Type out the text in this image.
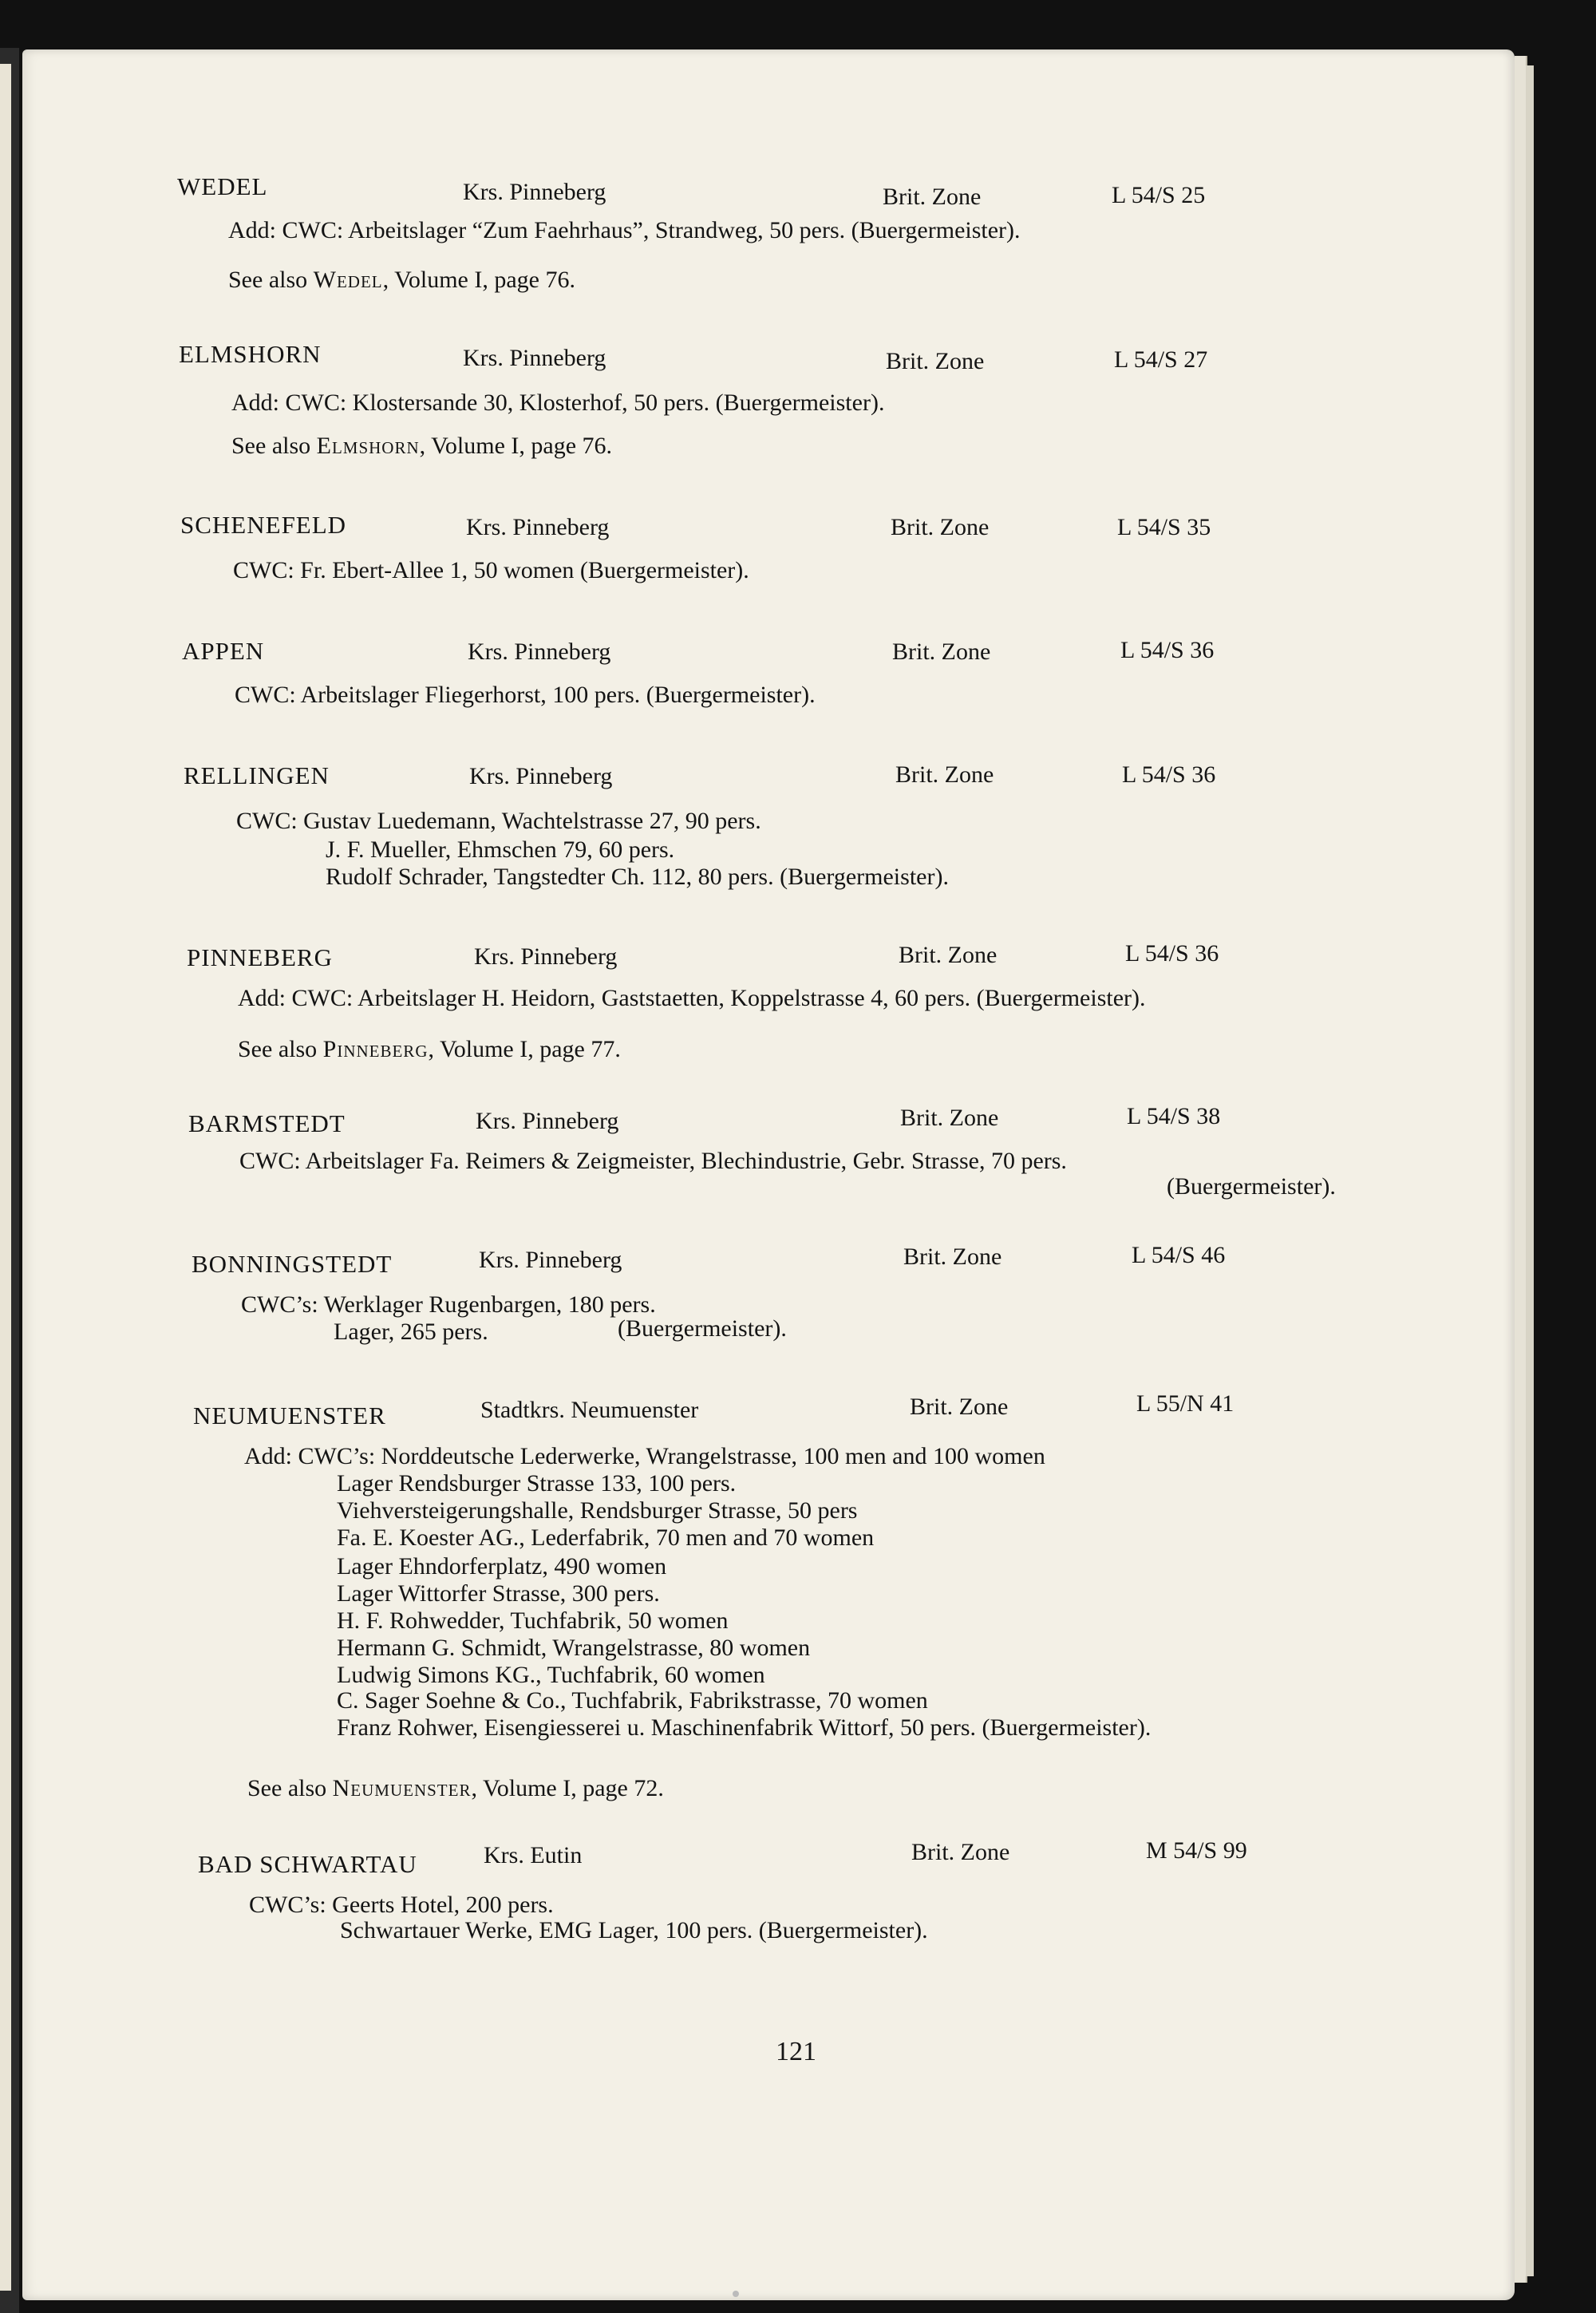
WEDEL	Krs. Pinneberg	Brit. Zone	L 54/S 25
Add: CWC: Arbeitslager “Zum Faehrhaus”, Strandweg, 50 pers. (Buergermeister).
See also Wedel, Volume I, page 76.
ELMSHORN	Krs. Pinneberg	Brit. Zone	L 54/S 27
Add: CWC: Klostersande 30, Klosterhof, 50 pers. (Buergermeister).
See also Elmshorn, Volume I, page 76.
SCHENEFELD	Krs. Pinneberg	Brit. Zone	L 54/S 35
CWC: Fr. Ebert-Allee 1, 50 women (Buergermeister).
APPEN	Krs. Pinneberg	Brit. Zone	L 54/S 36
CWC: Arbeitslager Fliegerhorst, 100 pers. (Buergermeister).
RELLINGEN	Krs. Pinneberg	Brit. Zone	L 54/S 36
CWC: Gustav Luedemann, Wachtelstrasse 27, 90 pers.
J. F. Mueller, Ehmschen 79, 60 pers.
Rudolf Schrader, Tangstedter Ch. 112, 80 pers. (Buergermeister).
PINNEBERG	Krs. Pinneberg	Brit. Zone	L 54/S 36
Add: CWC: Arbeitslager H. Heidorn, Gaststaetten, Koppelstrasse 4, 60 pers. (Buergermeister).
See also Pinneberg, Volume I, page 77.
BARMSTEDT	Krs. Pinneberg	Brit. Zone	L 54/S 38
CWC: Arbeitslager Fa. Reimers & Zeigmeister, Blechindustrie, Gebr. Strasse, 70 pers.
(Buergermeister).
BONNINGSTEDT	Krs. Pinneberg	Brit. Zone	L 54/S 46
CWC’s: Werklager Rugenbargen, 180 pers.
Lager, 265 pers.	(Buergermeister).
NEUMUENSTER	Stadtkrs. Neumuenster	Brit. Zone	L 55/N 41
Add: CWC’s: Norddeutsche Lederwerke, Wrangelstrasse, 100 men and 100 women
Lager Rendsburger Strasse 133, 100 pers.
Viehversteigerungshalle, Rendsburger Strasse, 50 pers
Fa. E. Koester AG., Lederfabrik, 70 men and 70 women
Lager Ehndorferplatz, 490 women
Lager Wittorfer Strasse, 300 pers.
H. F. Rohwedder, Tuchfabrik, 50 women
Hermann G. Schmidt, Wrangelstrasse, 80 women
Ludwig Simons KG., Tuchfabrik, 60 women
C. Sager Soehne & Co., Tuchfabrik, Fabrikstrasse, 70 women
Franz Rohwer, Eisengiesserei u. Maschinenfabrik Wittorf, 50 pers. (Buergermeister).
See also Neumuenster, Volume I, page 72.
BAD SCHWARTAU	Krs. Eutin	Brit. Zone	M 54/S 99
CWC’s: Geerts Hotel, 200 pers.
Schwartauer Werke, EMG Lager, 100 pers. (Buergermeister).
121
